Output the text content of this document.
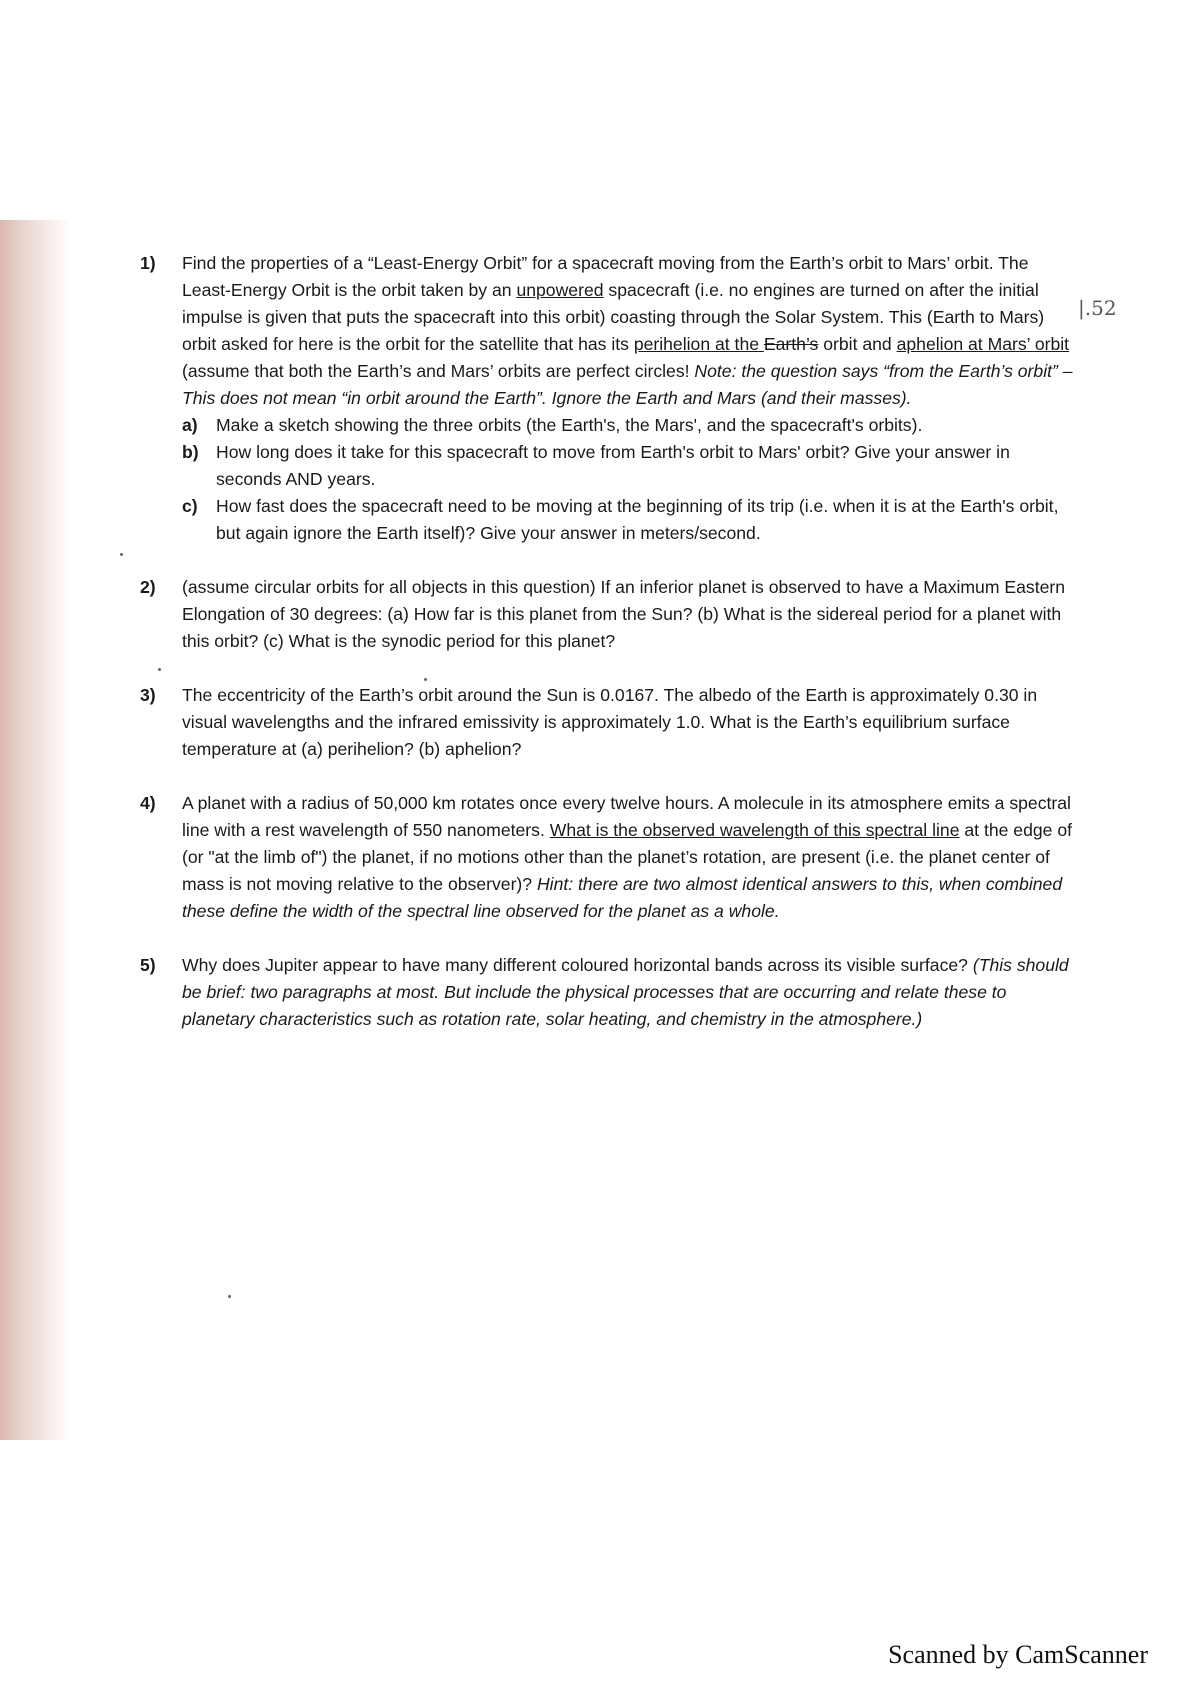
1) Find the properties of a “Least-Energy Orbit” for a spacecraft moving from the Earth’s orbit to Mars’ orbit. The Least-Energy Orbit is the orbit taken by an unpowered spacecraft (i.e. no engines are turned on after the initial impulse is given that puts the spacecraft into this orbit) coasting through the Solar System. This (Earth to Mars) orbit asked for here is the orbit for the satellite that has its perihelion at the Earth’s orbit and aphelion at Mars’ orbit (assume that both the Earth’s and Mars’ orbits are perfect circles! Note: the question says “from the Earth’s orbit” – This does not mean “in orbit around the Earth”. Ignore the Earth and Mars (and their masses).
a) Make a sketch showing the three orbits (the Earth's, the Mars', and the spacecraft's orbits).
b) How long does it take for this spacecraft to move from Earth's orbit to Mars' orbit? Give your answer in seconds AND years.
c) How fast does the spacecraft need to be moving at the beginning of its trip (i.e. when it is at the Earth's orbit, but again ignore the Earth itself)? Give your answer in meters/second.
2) (assume circular orbits for all objects in this question) If an inferior planet is observed to have a Maximum Eastern Elongation of 30 degrees: (a) How far is this planet from the Sun? (b) What is the sidereal period for a planet with this orbit? (c) What is the synodic period for this planet?
3) The eccentricity of the Earth’s orbit around the Sun is 0.0167. The albedo of the Earth is approximately 0.30 in visual wavelengths and the infrared emissivity is approximately 1.0. What is the Earth’s equilibrium surface temperature at (a) perihelion? (b) aphelion?
4) A planet with a radius of 50,000 km rotates once every twelve hours. A molecule in its atmosphere emits a spectral line with a rest wavelength of 550 nanometers. What is the observed wavelength of this spectral line at the edge of (or "at the limb of") the planet, if no motions other than the planet’s rotation, are present (i.e. the planet center of mass is not moving relative to the observer)? Hint: there are two almost identical answers to this, when combined these define the width of the spectral line observed for the planet as a whole.
5) Why does Jupiter appear to have many different coloured horizontal bands across its visible surface? (This should be brief: two paragraphs at most. But include the physical processes that are occurring and relate these to planetary characteristics such as rotation rate, solar heating, and chemistry in the atmosphere.)
|.52
Scanned by CamScanner
